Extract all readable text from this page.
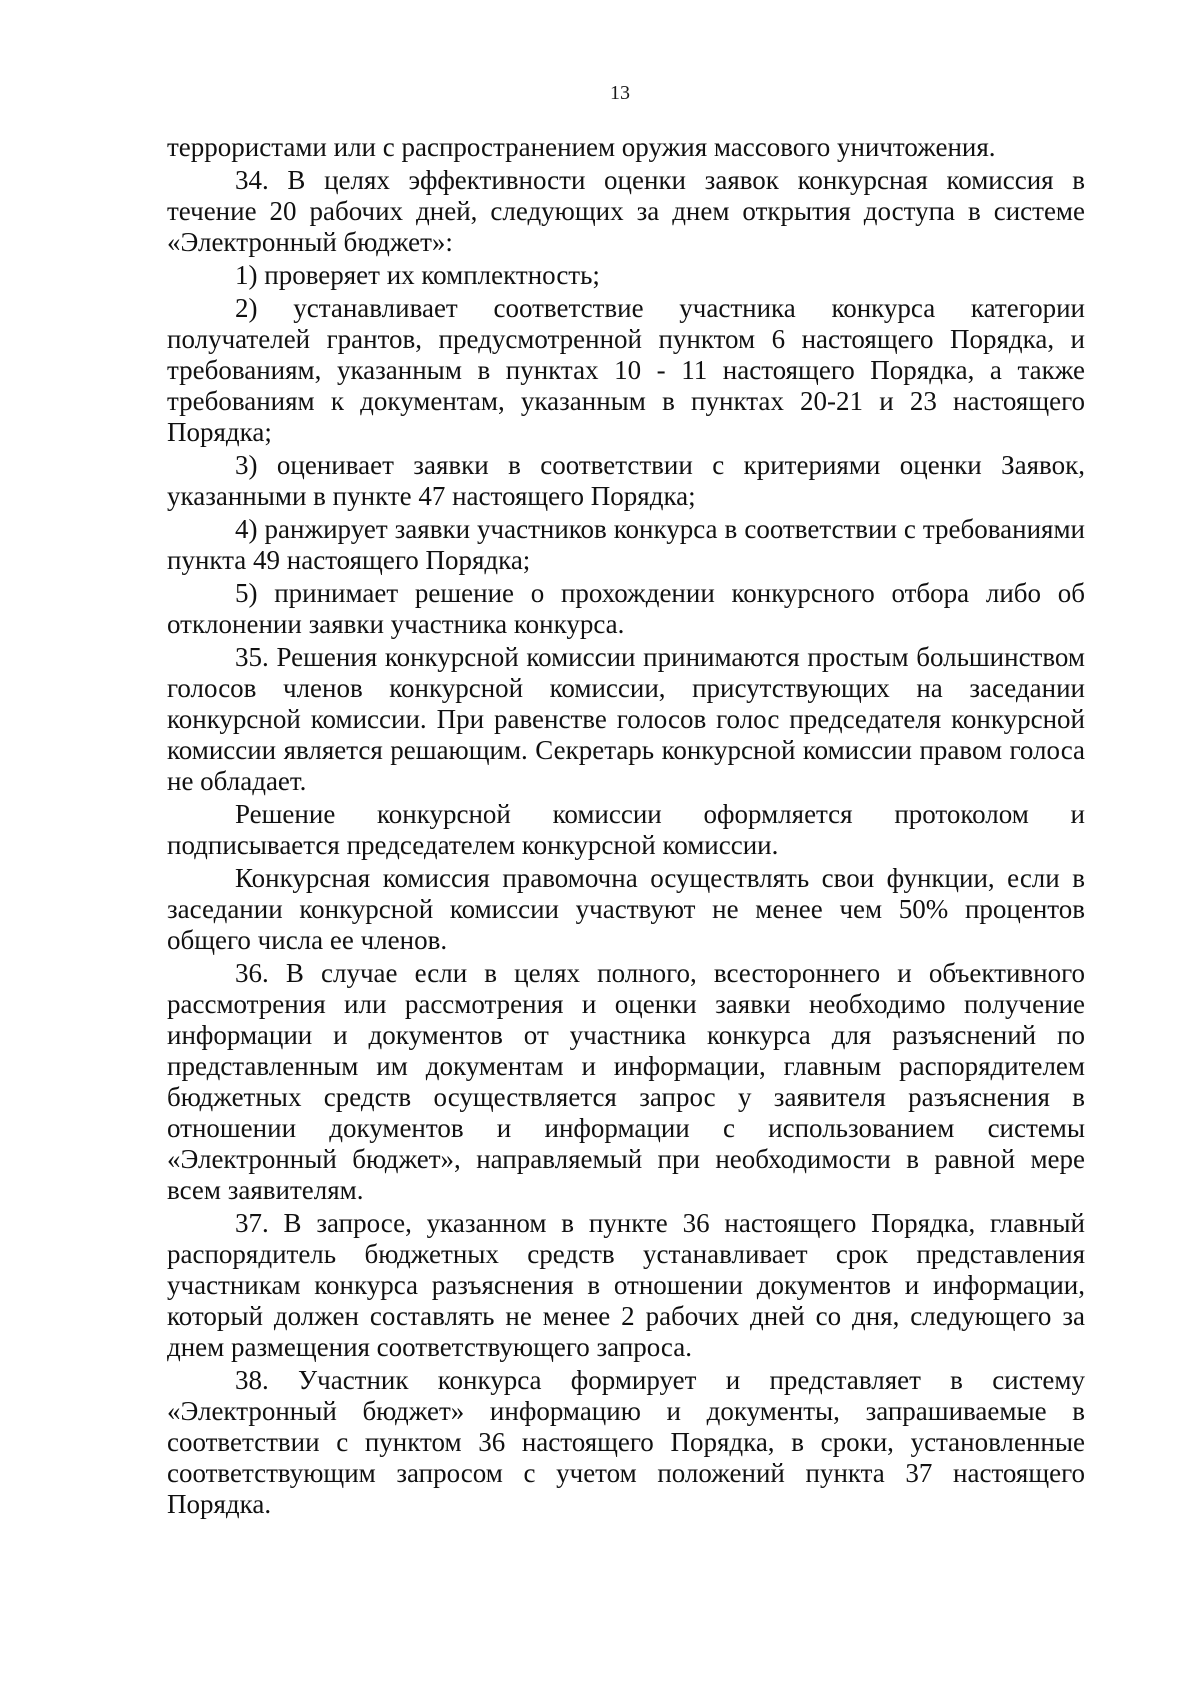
13

террористами или с распространением оружия массового уничтожения.

34. В целях эффективности оценки заявок конкурсная комиссия в течение 20 рабочих дней, следующих за днем открытия доступа в системе «Электронный бюджет»:

1) проверяет их комплектность;

2) устанавливает соответствие участника конкурса категории получателей грантов, предусмотренной пунктом 6 настоящего Порядка, и требованиям, указанным в пунктах 10 - 11 настоящего Порядка, а также требованиям к документам, указанным в пунктах 20-21 и 23 настоящего Порядка;

3) оценивает заявки в соответствии с критериями оценки Заявок, указанными в пункте 47 настоящего Порядка;

4) ранжирует заявки участников конкурса в соответствии с требованиями пункта 49 настоящего Порядка;

5) принимает решение о прохождении конкурсного отбора либо об отклонении заявки участника конкурса.

35. Решения конкурсной комиссии принимаются простым большинством голосов членов конкурсной комиссии, присутствующих на заседании конкурсной комиссии. При равенстве голосов голос председателя конкурсной комиссии является решающим. Секретарь конкурсной комиссии правом голоса не обладает.

Решение конкурсной комиссии оформляется протоколом и подписывается председателем конкурсной комиссии.

Конкурсная комиссия правомочна осуществлять свои функции, если в заседании конкурсной комиссии участвуют не менее чем 50% процентов общего числа ее членов.

36. В случае если в целях полного, всестороннего и объективного рассмотрения или рассмотрения и оценки заявки необходимо получение информации и документов от участника конкурса для разъяснений по представленным им документам и информации, главным распорядителем бюджетных средств осуществляется запрос у заявителя разъяснения в отношении документов и информации с использованием системы «Электронный бюджет», направляемый при необходимости в равной мере всем заявителям.

37. В запросе, указанном в пункте 36 настоящего Порядка, главный распорядитель бюджетных средств устанавливает срок представления участникам конкурса разъяснения в отношении документов и информации, который должен составлять не менее 2 рабочих дней со дня, следующего за днем размещения соответствующего запроса.

38. Участник конкурса формирует и представляет в систему «Электронный бюджет» информацию и документы, запрашиваемые в соответствии с пунктом 36 настоящего Порядка, в сроки, установленные соответствующим запросом с учетом положений пункта 37 настоящего Порядка.
